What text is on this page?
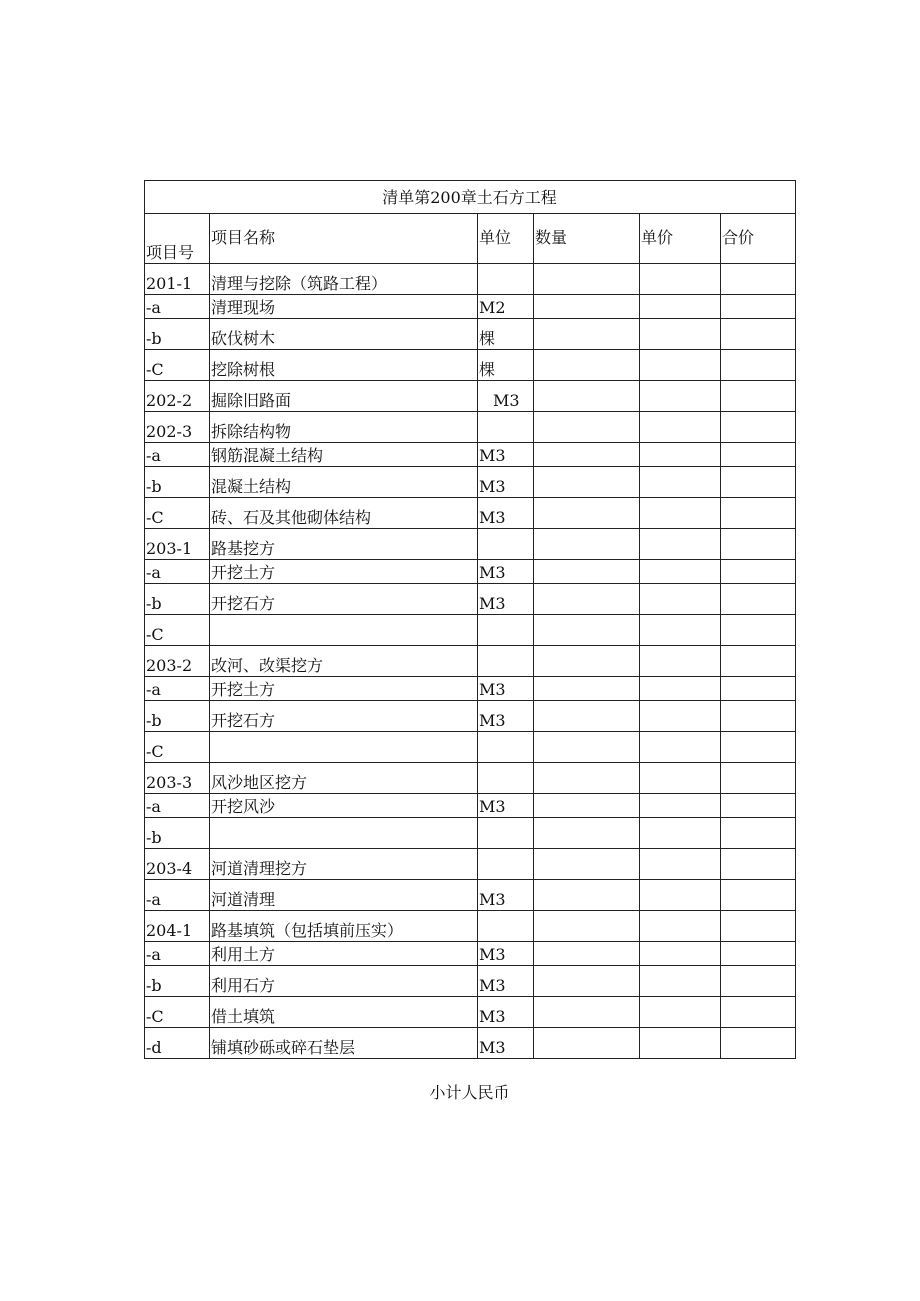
清单第200章土石方工程					
项目号	项目名称	单位	数量	单价	合价
201-1	清理与挖除（筑路工程）				
-a	清理现场	M2			
-b	砍伐树木	棵			
-C	挖除树根	棵			
202-2	掘除旧路面	M3			
202-3	拆除结构物				
-a	钢筋混凝土结构	M3			
-b	混凝土结构	M3			
-C	砖、石及其他砌体结构	M3			
203-1	路基挖方				
-a	开挖土方	M3			
-b	开挖石方	M3			
-C					
203-2	改河、改渠挖方				
-a	开挖土方	M3			
-b	开挖石方	M3			
-C					
203-3	风沙地区挖方				
-a	开挖风沙	M3			
-b					
203-4	河道清理挖方				
-a	河道清理	M3			
204-1	路基填筑（包括填前压实）				
-a	利用土方	M3			
-b	利用石方	M3			
-C	借土填筑	M3			
-d	铺填砂砾或碎石垫层	M3			
小计人民币
